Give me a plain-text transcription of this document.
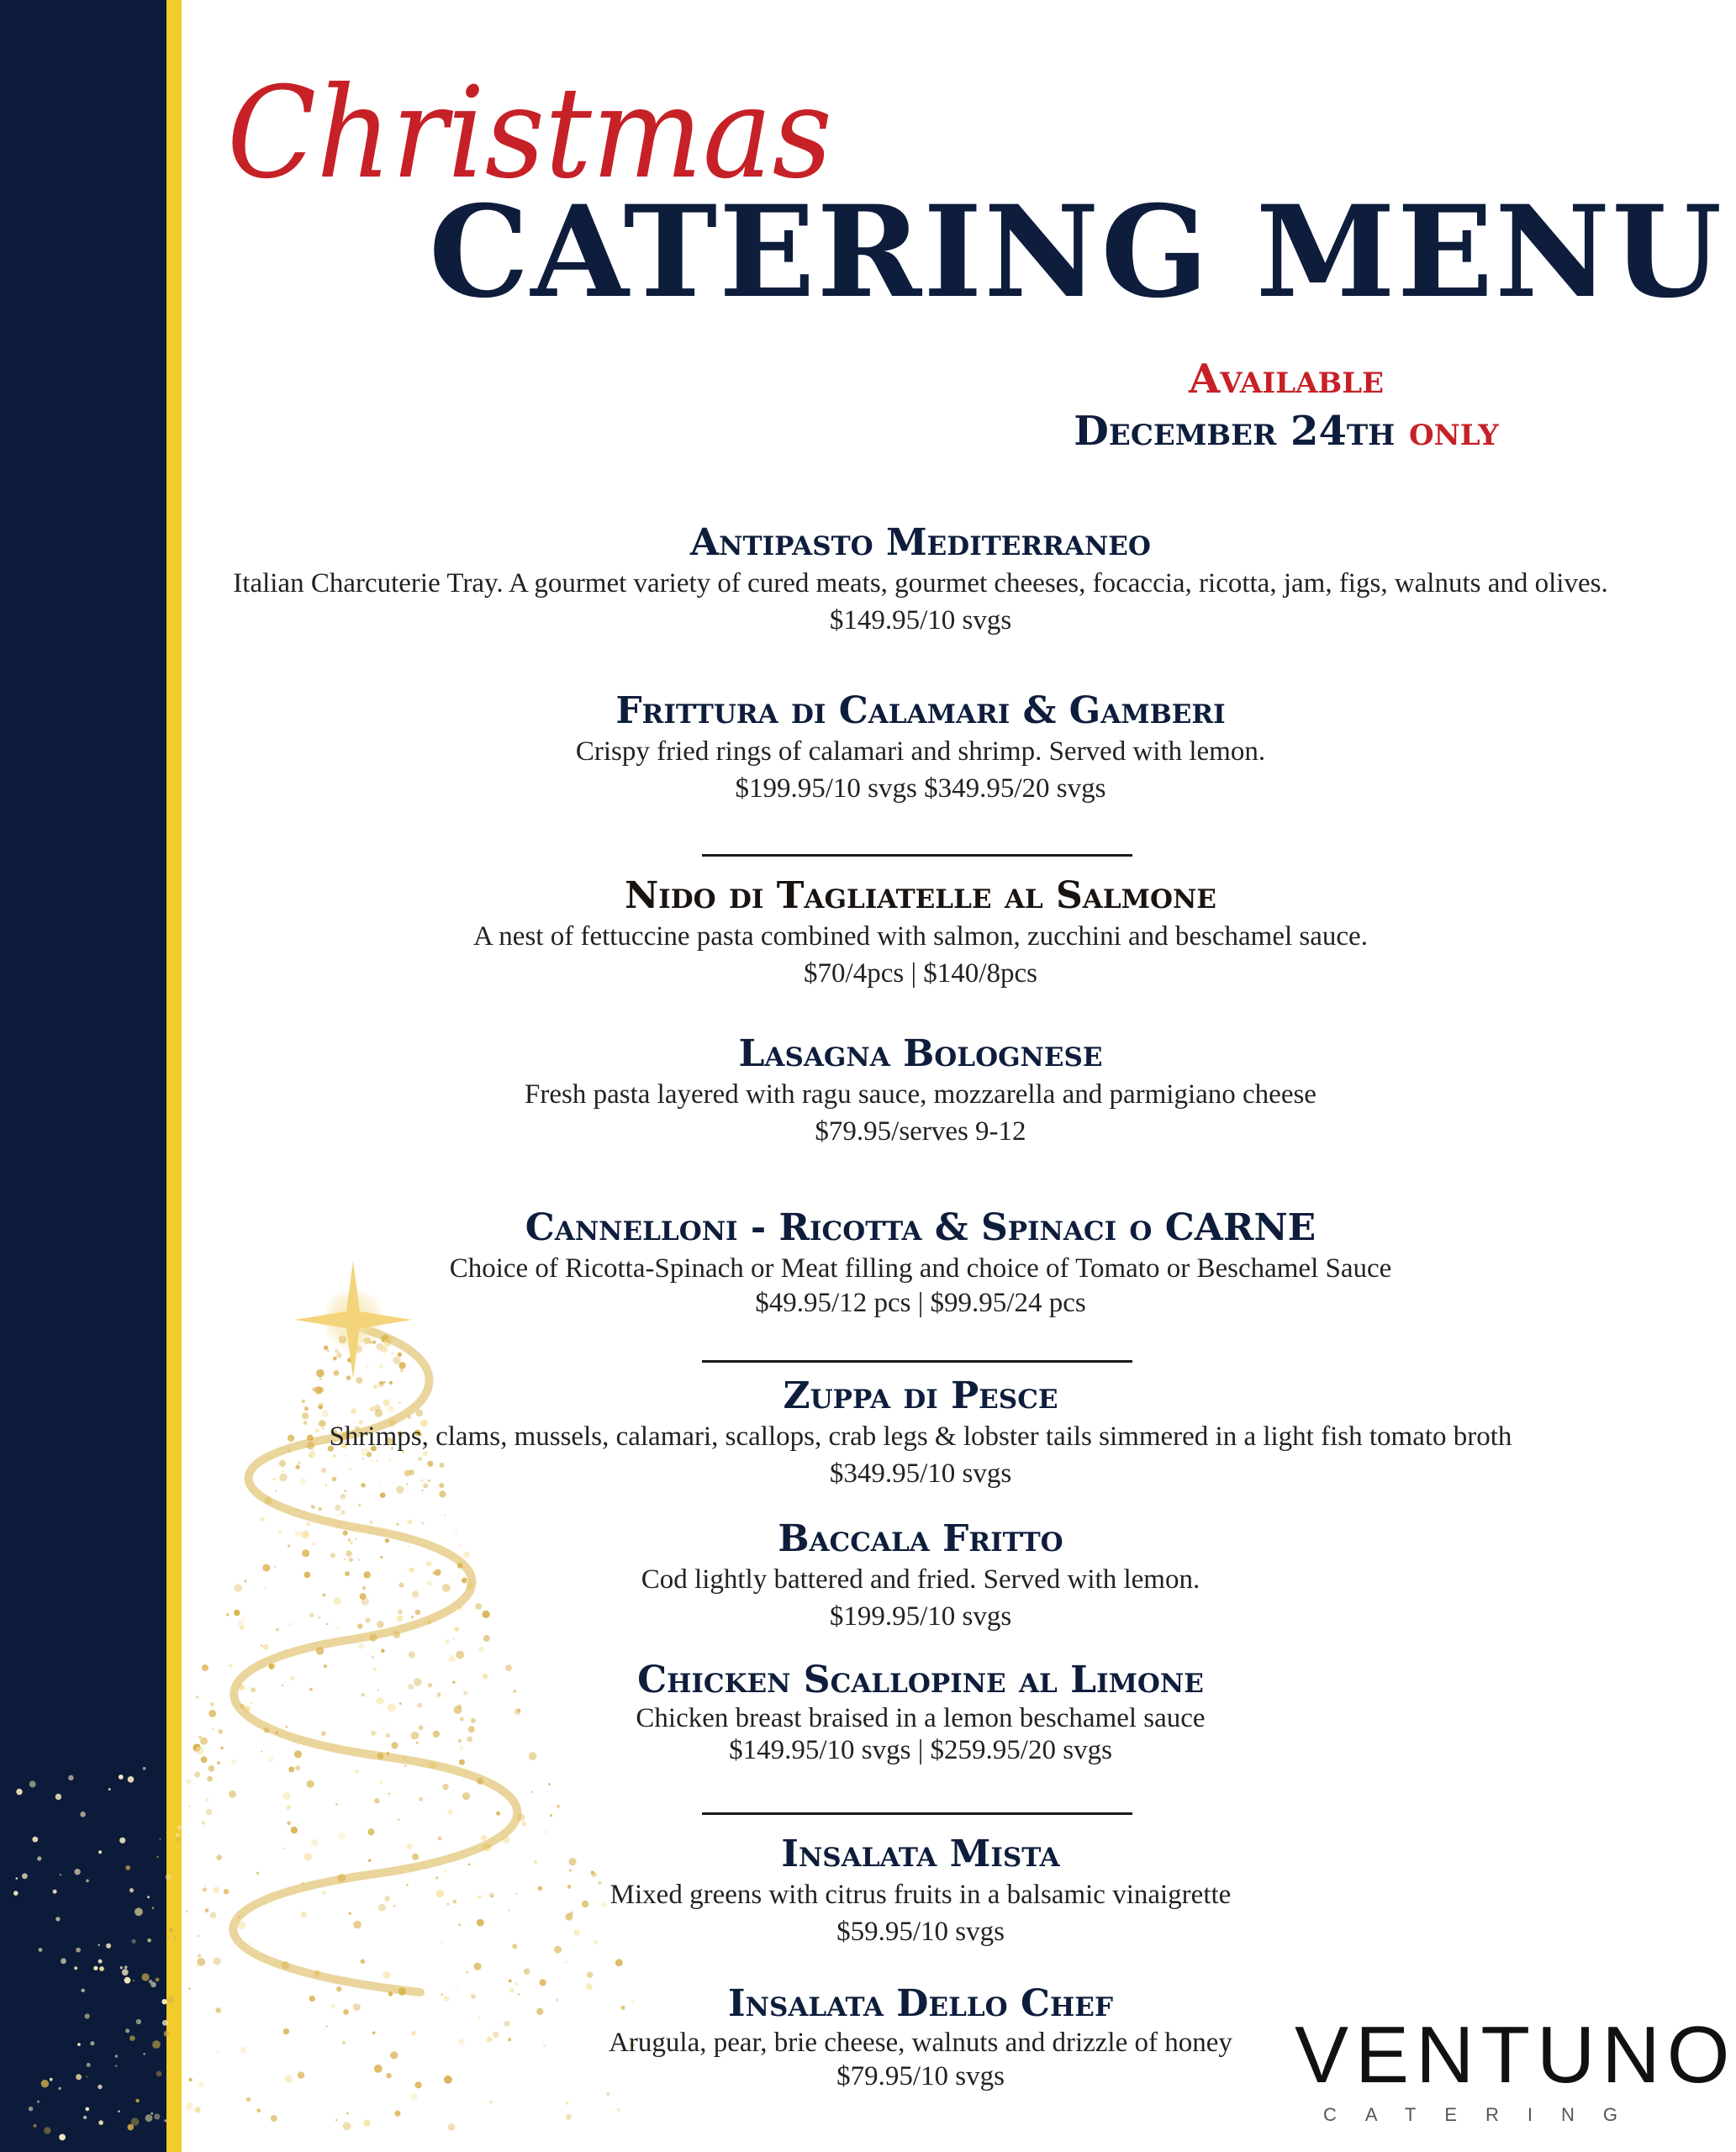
Christmas
CATERING MENU
Available
December 24th only
Antipasto Mediterraneo
Italian Charcuterie Tray. A gourmet variety of cured meats, gourmet cheeses, focaccia, ricotta, jam, figs, walnuts and olives.
$149.95/10 svgs
Frittura di Calamari & Gamberi
Crispy fried rings of calamari and shrimp. Served with lemon.
$199.95/10 svgs $349.95/20 svgs
Nido di Tagliatelle al Salmone
A nest of fettuccine pasta combined with salmon, zucchini and beschamel sauce.
$70/4pcs | $140/8pcs
Lasagna Bolognese
Fresh pasta layered with ragu sauce, mozzarella and parmigiano cheese
$79.95/serves 9-12
Cannelloni - Ricotta & Spinaci o CARNE
Choice of Ricotta-Spinach or Meat filling and choice of Tomato or Beschamel Sauce
$49.95/12 pcs | $99.95/24 pcs
Zuppa di Pesce
Shrimps, clams, mussels, calamari, scallops, crab legs & lobster tails simmered in a light fish tomato broth
$349.95/10 svgs
Baccala Fritto
Cod lightly battered and fried. Served with lemon.
$199.95/10 svgs
Chicken Scallopine al Limone
Chicken breast braised in a lemon beschamel sauce
$149.95/10 svgs | $259.95/20 svgs
Insalata Mista
Mixed greens with citrus fruits in a balsamic vinaigrette
$59.95/10 svgs
Insalata Dello Chef
Arugula, pear, brie cheese, walnuts and drizzle of honey
$79.95/10 svgs	VENTUNO
CATERING
